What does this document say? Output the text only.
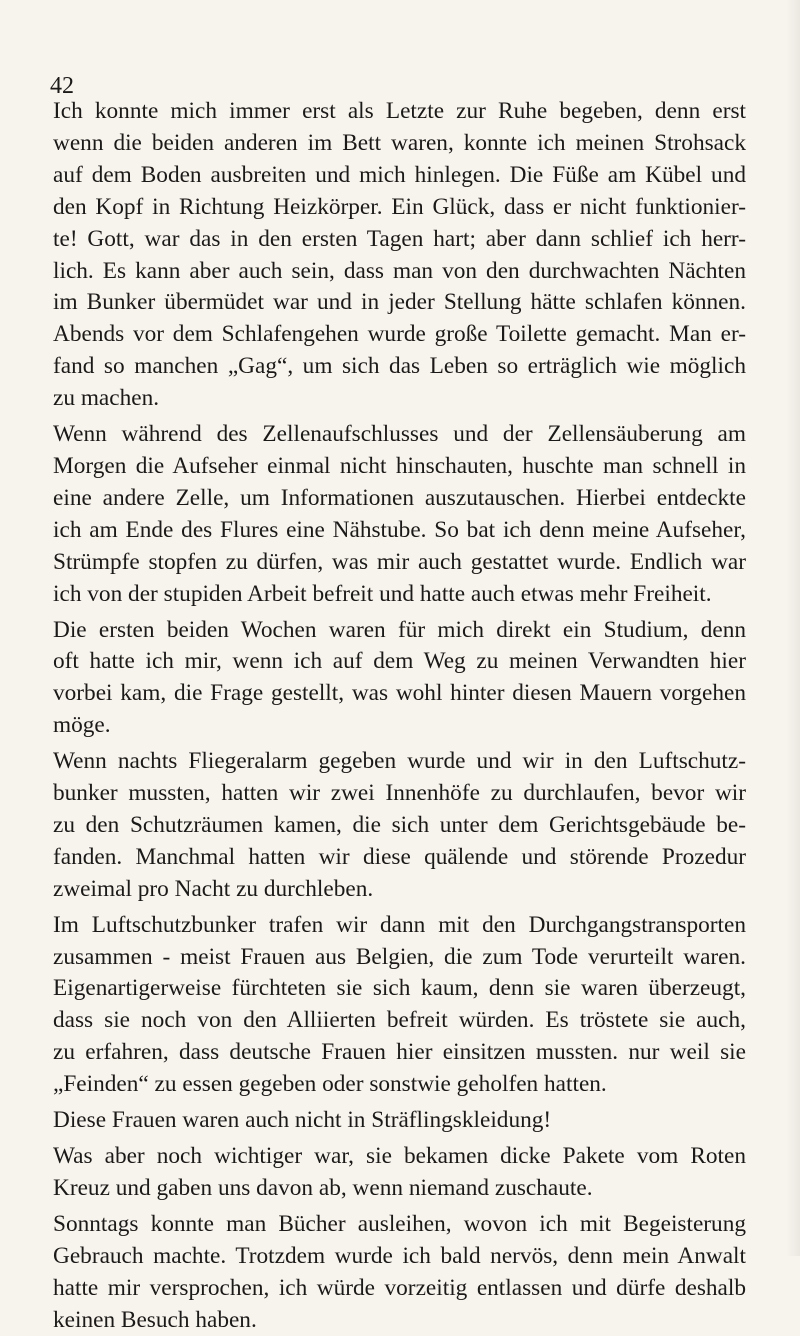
42
Ich konnte mich immer erst als Letzte zur Ruhe begeben, denn erst
wenn die beiden anderen im Bett waren, konnte ich meinen Strohsack
auf dem Boden ausbreiten und mich hinlegen. Die Füße am Kübel und
den Kopf in Richtung Heizkörper. Ein Glück, dass er nicht funktionier-
te! Gott, war das in den ersten Tagen hart; aber dann schlief ich herr-
lich. Es kann aber auch sein, dass man von den durchwachten Nächten
im Bunker übermüdet war und in jeder Stellung hätte schlafen können.
Abends vor dem Schlafengehen wurde große Toilette gemacht. Man er-
fand so manchen „Gag“, um sich das Leben so erträglich wie möglich
zu machen.
Wenn während des Zellenaufschlusses und der Zellensäuberung am
Morgen die Aufseher einmal nicht hinschauten, huschte man schnell in
eine andere Zelle, um Informationen auszutauschen. Hierbei entdeckte
ich am Ende des Flures eine Nähstube. So bat ich denn meine Aufseher,
Strümpfe stopfen zu dürfen, was mir auch gestattet wurde. Endlich war
ich von der stupiden Arbeit befreit und hatte auch etwas mehr Freiheit.
Die ersten beiden Wochen waren für mich direkt ein Studium, denn
oft hatte ich mir, wenn ich auf dem Weg zu meinen Verwandten hier
vorbei kam, die Frage gestellt, was wohl hinter diesen Mauern vorgehen
möge.
Wenn nachts Fliegeralarm gegeben wurde und wir in den Luftschutz-
bunker mussten, hatten wir zwei Innenhöfe zu durchlaufen, bevor wir
zu den Schutzräumen kamen, die sich unter dem Gerichtsgebäude be-
fanden. Manchmal hatten wir diese quälende und störende Prozedur
zweimal pro Nacht zu durchleben.
Im Luftschutzbunker trafen wir dann mit den Durchgangstransporten
zusammen - meist Frauen aus Belgien, die zum Tode verurteilt waren.
Eigenartigerweise fürchteten sie sich kaum, denn sie waren überzeugt,
dass sie noch von den Alliierten befreit würden. Es tröstete sie auch,
zu erfahren, dass deutsche Frauen hier einsitzen mussten. nur weil sie
„Feinden“ zu essen gegeben oder sonstwie geholfen hatten.
Diese Frauen waren auch nicht in Sträflingskleidung!
Was aber noch wichtiger war, sie bekamen dicke Pakete vom Roten
Kreuz und gaben uns davon ab, wenn niemand zuschaute.
Sonntags konnte man Bücher ausleihen, wovon ich mit Begeisterung
Gebrauch machte. Trotzdem wurde ich bald nervös, denn mein Anwalt
hatte mir versprochen, ich würde vorzeitig entlassen und dürfe deshalb
keinen Besuch haben.
